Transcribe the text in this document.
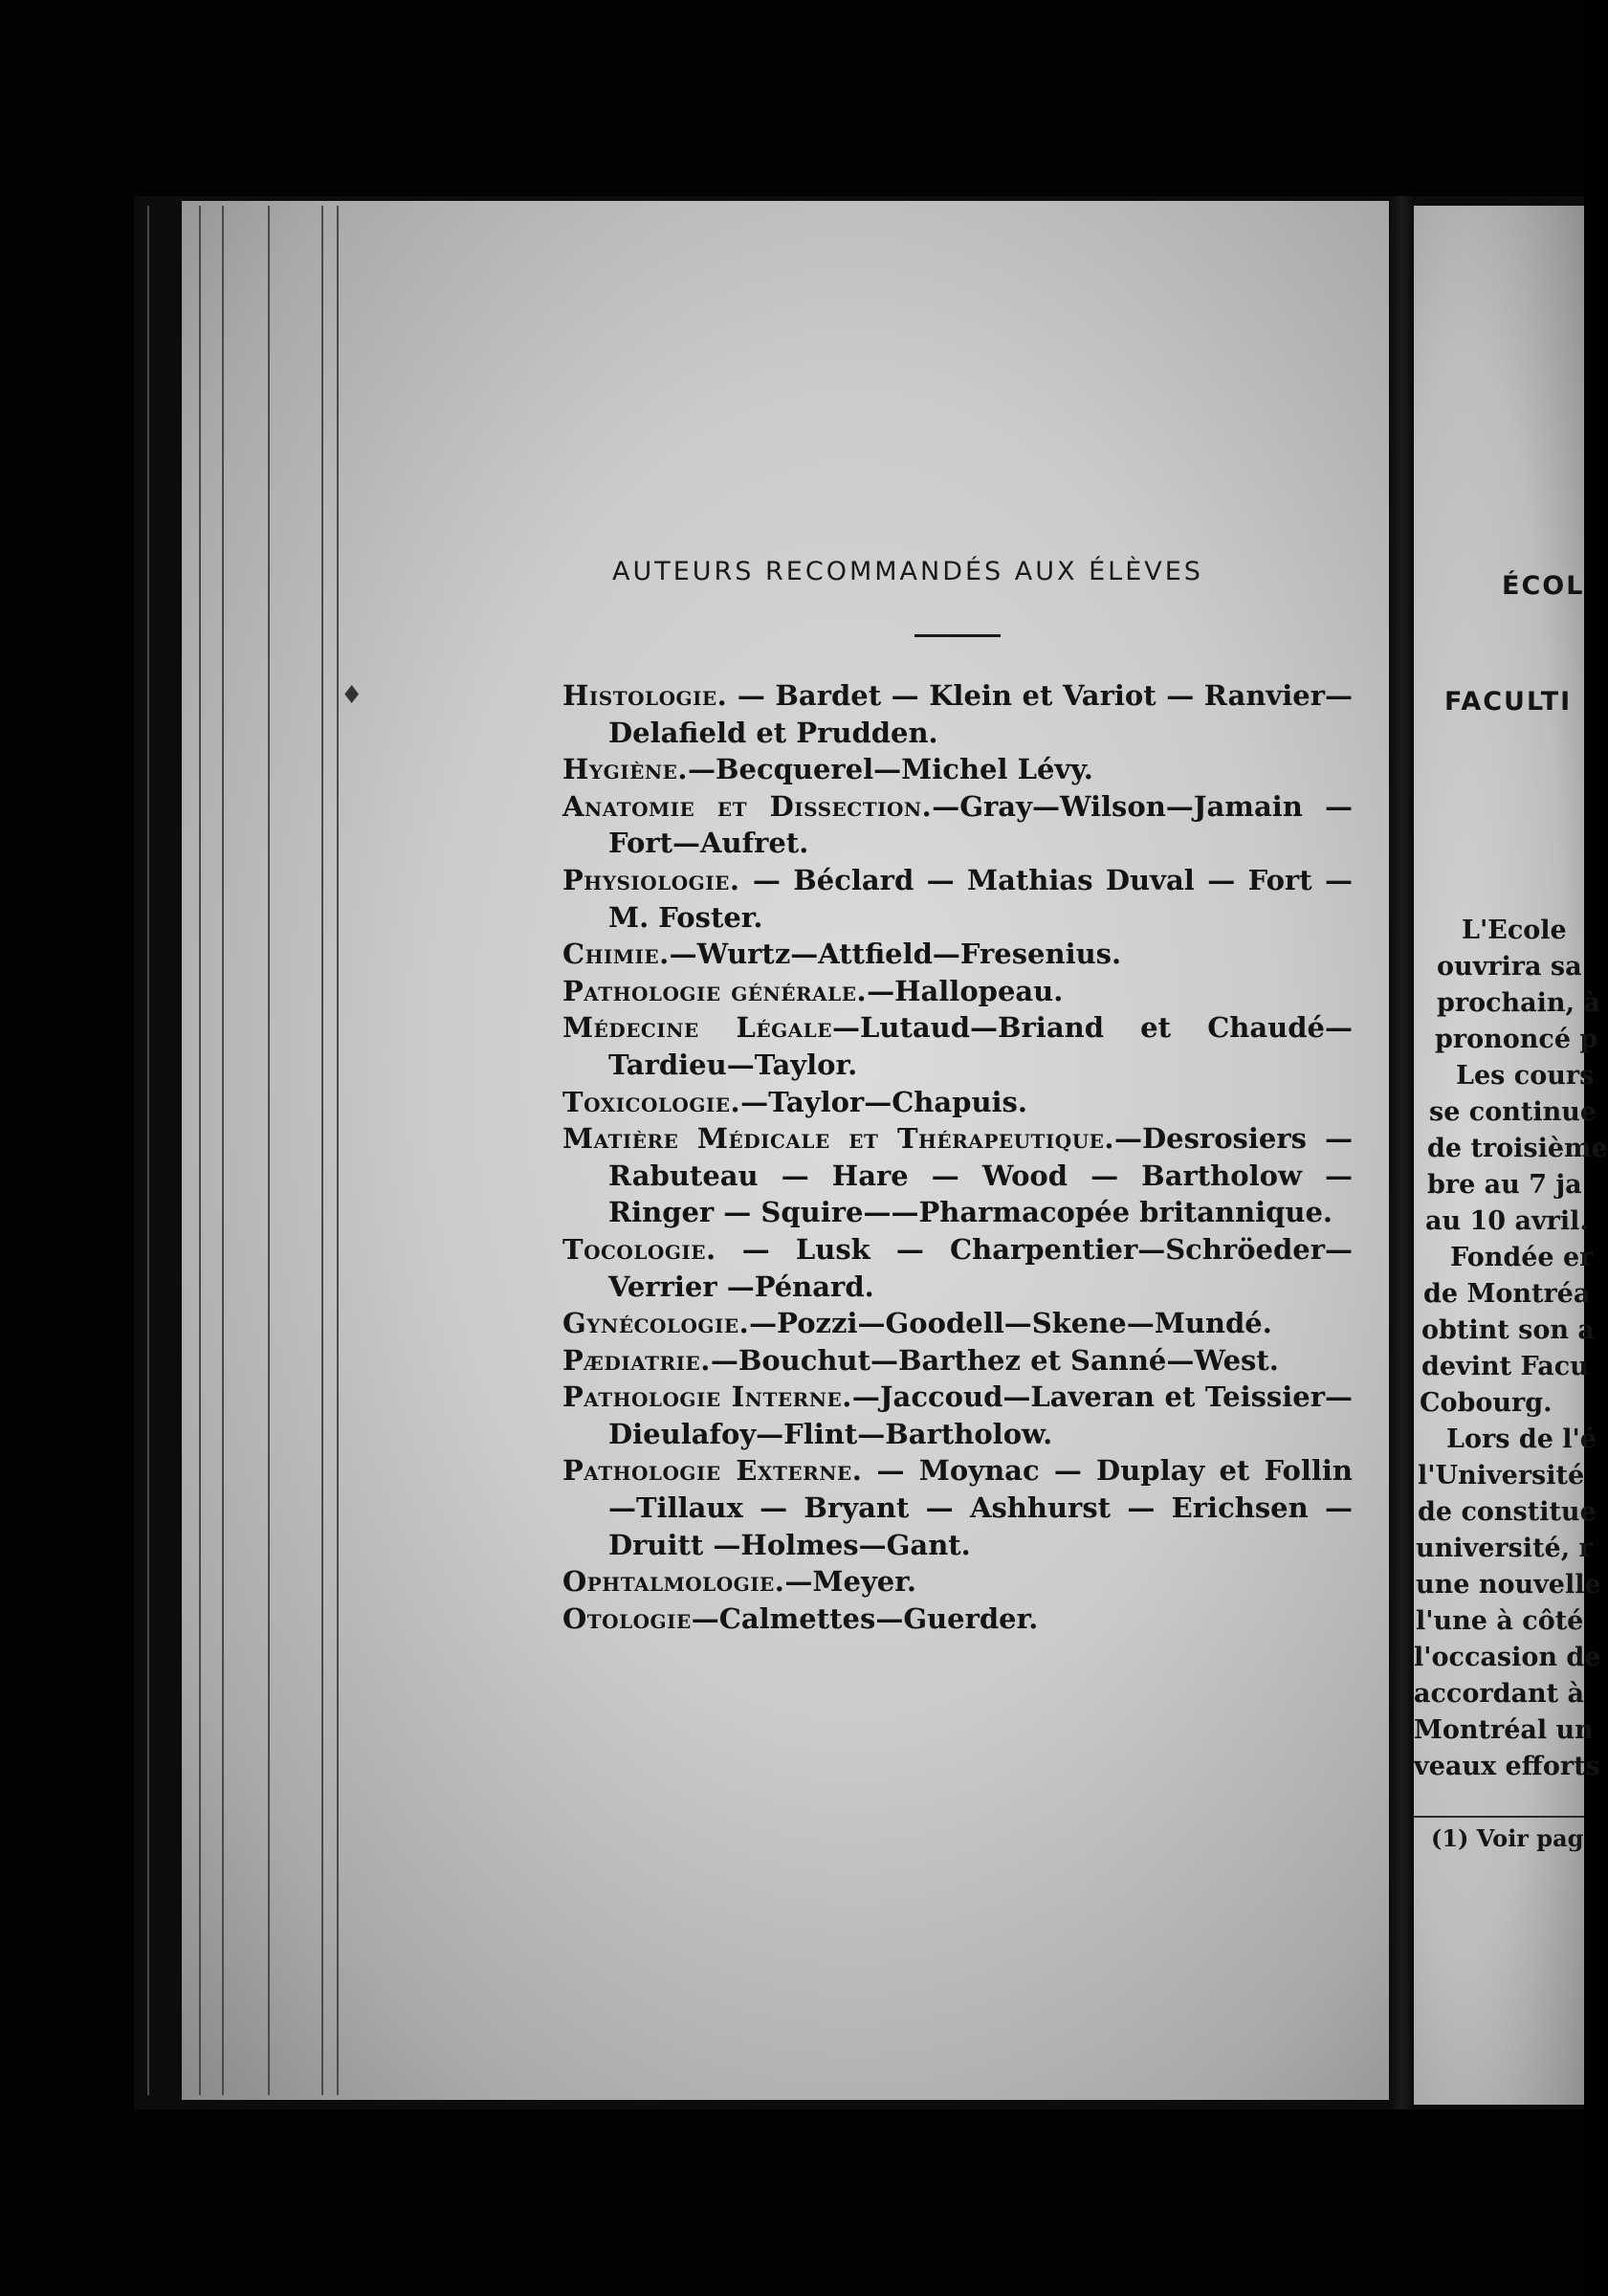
AUTEURS RECOMMANDÉS AUX ÉLÈVES
♦	Histologie. — Bardet — Klein et Variot — Ranvier— Delafield et Prudden.

Hygiène.—Becquerel—Michel Lévy.

Anatomie et Dissection.—Gray—Wilson—Jamain — Fort—Aufret.

Physiologie. — Béclard — Mathias Duval — Fort — M. Foster.

Chimie.—Wurtz—Attfield—Fresenius.

Pathologie générale.—Hallopeau.

Médecine Légale—Lutaud—Briand et Chaudé—Tardieu—Taylor.

Toxicologie.—Taylor—Chapuis.

Matière Médicale et Thérapeutique.—Desrosiers — Rabuteau — Hare — Wood — Bartholow — Ringer — Squire——Pharmacopée britannique.

Tocologie. — Lusk — Charpentier—Schröeder—Verrier —Pénard.

Gynécologie.—Pozzi—Goodell—Skene—Mundé.

Pædiatrie.—Bouchut—Barthez et Sanné—West.

Pathologie Interne.—Jaccoud—Laveran et Teissier— Dieulafoy—Flint—Bartholow.

Pathologie Externe. — Moynac — Duplay et Follin —Tillaux — Bryant — Ashhurst — Erichsen — Druitt —Holmes—Gant.

Ophtalmologie.—Meyer.

Otologie—Calmettes—Guerder.

ÉCOL
FACULTI
L'Ecole
ouvrira sa
prochain, à
prononcé p
Les cours
se continue
de troisième
bre au 7 ja
au 10 avril.
Fondée er
de Montréa
obtint son a
devint Facu
Cobourg.
Lors de l'é
l'Université
de constitue
université, r
une nouvelle
l'une à côté
l'occasion de
accordant à
Montréal un
veaux efforts
(1) Voir pag
